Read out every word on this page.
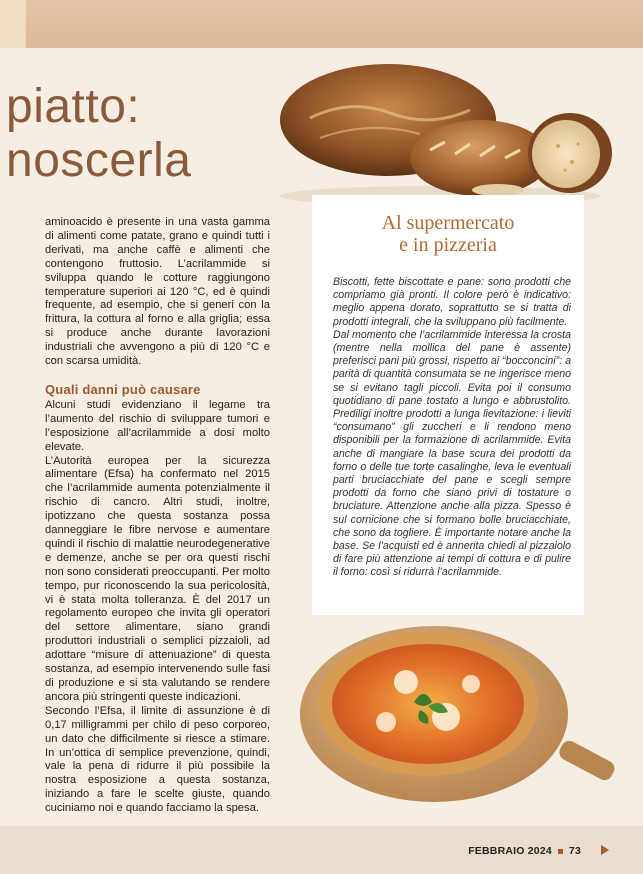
piatto:
noscerla

aminoacido è presente in una vasta gamma di alimenti come patate, grano e quindi tutti i derivati, ma anche caffè e alimenti che contengono fruttosio. L’acrilammide si sviluppa quando le cotture raggiungono temperature superiori ai 120 °C, ed è quindi frequente, ad esempio, che si generi con la frittura, la cottura al forno e alla griglia; essa si produce anche durante lavorazioni industriali che avvengono a più di 120 °C e con scarsa umidità.

Quali danni può causare

Alcuni studi evidenziano il legame tra l’aumento del rischio di sviluppare tumori e l’esposizione all’acrilammide a dosi molto elevate.

L’Autorità europea per la sicurezza alimentare (Efsa) ha confermato nel 2015 che l’acrilammide aumenta potenzialmente il rischio di cancro. Altri studi, inoltre, ipotizzano che questa sostanza possa danneggiare le fibre nervose e aumentare quindi il rischio di malattie neurodegenerative e demenze, anche se per ora questi rischi non sono considerati preoccupanti. Per molto tempo, pur riconoscendo la sua pericolosità, vi è stata molta tolleranza. È del 2017 un regolamento europeo che invita gli operatori del settore alimentare, siano grandi produttori industriali o semplici pizzaioli, ad adottare “misure di attenuazione” di questa sostanza, ad esempio intervenendo sulle fasi di produzione e si sta valutando se rendere ancora più stringenti queste indicazioni.

Secondo l’Efsa, il limite di assunzione è di 0,17 milligrammi per chilo di peso corporeo, un dato che difficilmente si riesce a stimare. In un’ottica di semplice prevenzione, quindi, vale la pena di ridurre il più possibile la nostra esposizione a questa sostanza, iniziando a fare le scelte giuste, quando cuciniamo noi e quando facciamo la spesa.

Al supermercato
e in pizzeria

Biscotti, fette biscottate e pane: sono prodotti che compriamo già pronti. Il colore però è indicativo: meglio appena dorato, soprattutto se si tratta di prodotti integrali, che la sviluppano più facilmente.

Dal momento che l’acrilammide interessa la crosta (mentre nella mollica del pane è assente) preferisci pani più grossi, rispetto ai “bocconcini”: a parità di quantità consumata se ne ingerisce meno se si evitano tagli piccoli. Evita poi il consumo quotidiano di pane tostato a lungo e abbrustolito. Prediligi inoltre prodotti a lunga lievitazione: i lieviti “consumano” gli zuccheri e li rendono meno disponibili per la formazione di acrilammide. Evita anche di mangiare la base scura dei prodotti da forno o delle tue torte casalinghe, leva le eventuali parti bruciacchiate del pane e scegli sempre prodotti da forno che siano privi di tostature o bruciature. Attenzione anche alla pizza. Spesso è sul cornicione che si formano bolle bruciacchiate, che sono da togliere. È importante notare anche la base. Se l’acquisti ed è annerita chiedi al pizzaiolo di fare più attenzione ai tempi di cottura e di pulire il forno: così si ridurrà l’acrilammide.

FEBBRAIO 2024 73
